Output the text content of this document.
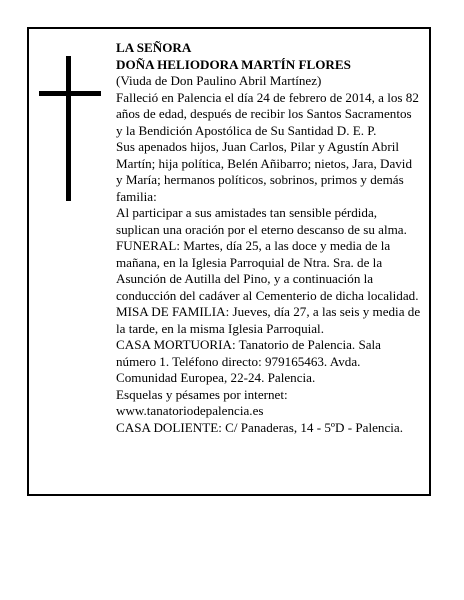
LA SEÑORA

DOÑA HELIODORA MARTÍN FLORES

(Viuda de Don Paulino Abril Martínez)

Falleció en Palencia el día 24 de febrero de 2014, a los 82 años de edad, después de recibir los Santos Sacramentos y la Bendición Apostólica de Su Santidad D. E. P.

Sus apenados hijos, Juan Carlos, Pilar y Agustín Abril Martín; hija política, Belén Añibarro; nietos, Jara, David y María; hermanos políticos, sobrinos, primos y demás familia:

Al participar a sus amistades tan sensible pérdida, suplican una oración por el eterno descanso de su alma.

FUNERAL: Martes, día 25, a las doce y media de la mañana, en la Iglesia Parroquial de Ntra. Sra. de la Asunción de Autilla del Pino, y a continuación la conducción del cadáver al Cementerio de dicha localidad.

MISA DE FAMILIA: Jueves, día 27, a las seis y media de la tarde, en la misma Iglesia Parroquial.

CASA MORTUORIA: Tanatorio de Palencia. Sala número 1. Teléfono directo: 979165463. Avda. Comunidad Europea, 22-24. Palencia.

Esquelas y pésames por internet:

www.tanatoriodepalencia.es

CASA DOLIENTE: C/ Panaderas, 14 - 5ºD - Palencia.
